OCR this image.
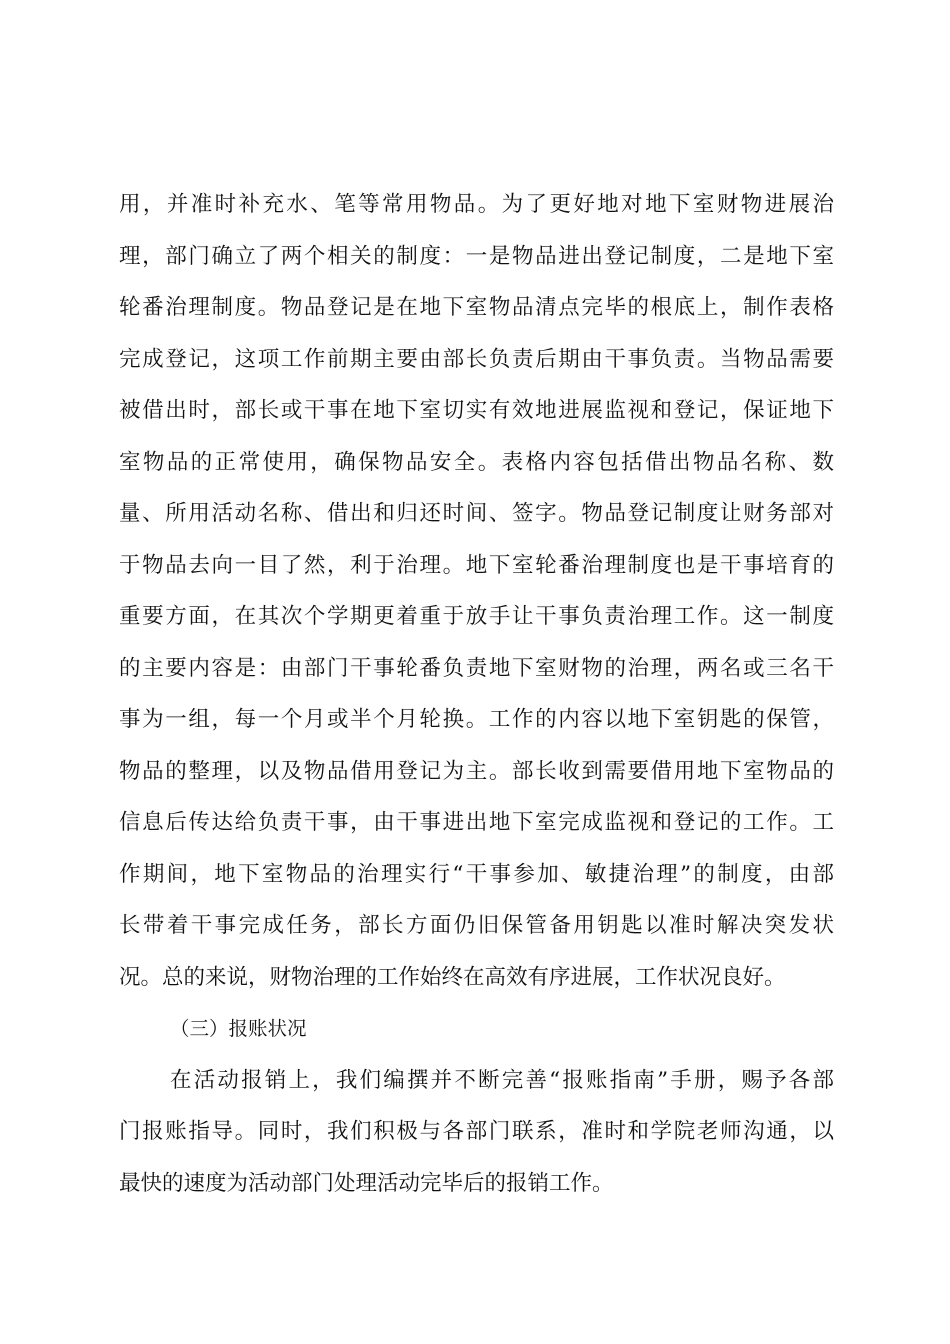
用，并准时补充水、笔等常用物品。为了更好地对地下室财物进展治
理，部门确立了两个相关的制度：一是物品进出登记制度，二是地下室
轮番治理制度。物品登记是在地下室物品清点完毕的根底上，制作表格
完成登记，这项工作前期主要由部长负责后期由干事负责。当物品需要
被借出时，部长或干事在地下室切实有效地进展监视和登记，保证地下
室物品的正常使用，确保物品安全。表格内容包括借出物品名称、数
量、所用活动名称、借出和归还时间、签字。物品登记制度让财务部对
于物品去向一目了然，利于治理。地下室轮番治理制度也是干事培育的
重要方面，在其次个学期更着重于放手让干事负责治理工作。这一制度
的主要内容是：由部门干事轮番负责地下室财物的治理，两名或三名干
事为一组，每一个月或半个月轮换。工作的内容以地下室钥匙的保管，
物品的整理，以及物品借用登记为主。部长收到需要借用地下室物品的
信息后传达给负责干事，由干事进出地下室完成监视和登记的工作。工
作期间，地下室物品的治理实行“干事参加、敏捷治理”的制度，由部
长带着干事完成任务，部长方面仍旧保管备用钥匙以准时解决突发状
况。总的来说，财物治理的工作始终在高效有序进展，工作状况良好。
（三）报账状况
在活动报销上，我们编撰并不断完善“报账指南”手册，赐予各部
门报账指导。同时，我们积极与各部门联系，准时和学院老师沟通，以
最快的速度为活动部门处理活动完毕后的报销工作。
